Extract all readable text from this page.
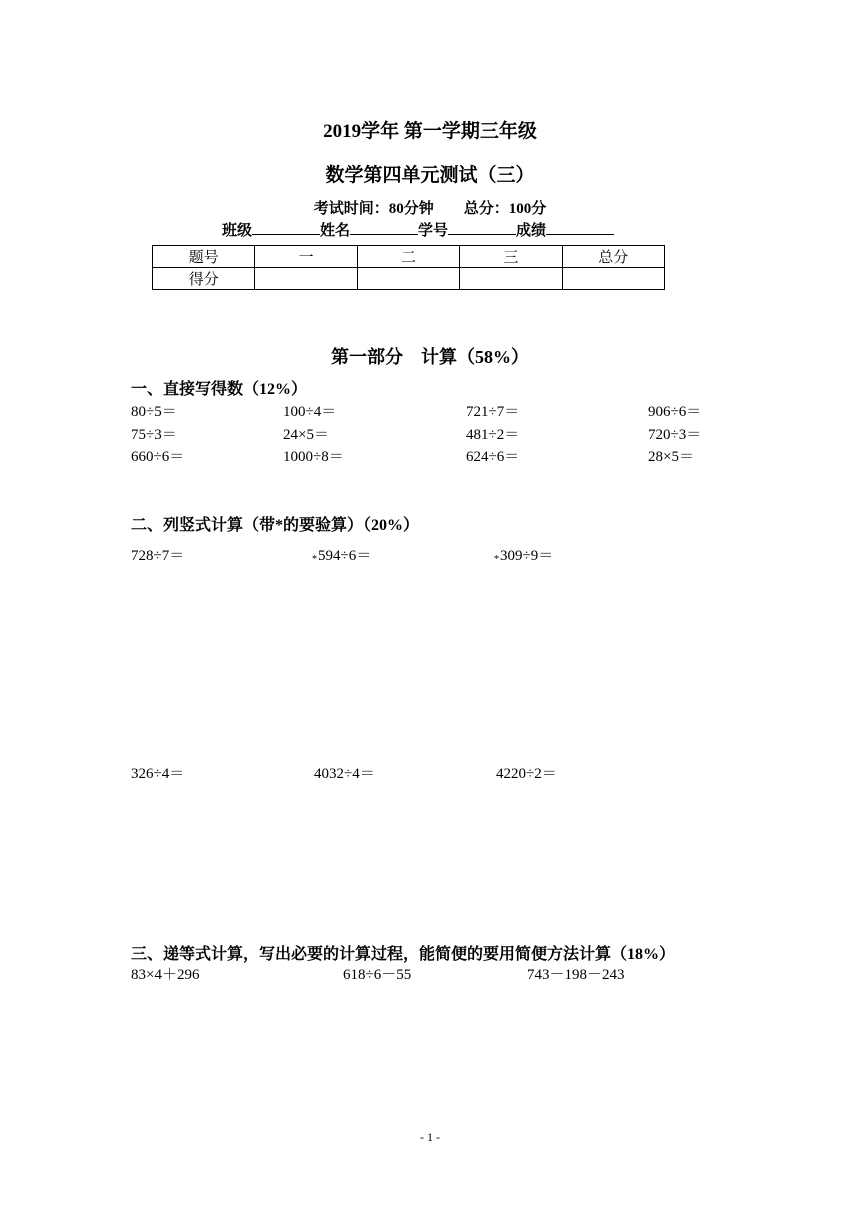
2019学年 第一学期三年级
数学第四单元测试（三）
考试时间：80分钟　　总分：100分
班级	姓名	学号	成绩
题号	一	二	三	总分
得分				
第一部分　计算（58%）
一、直接写得数（12%）
80÷5＝	100÷4＝	721÷7＝	906÷6＝
75÷3＝	24×5＝	481÷2＝	720÷3＝
660÷6＝	1000÷8＝	624÷6＝	28×5＝
二、列竖式计算（带*的要验算）（20%）
728÷7＝	*594÷6＝	*309÷9＝
326÷4＝	4032÷4＝	4220÷2＝
三、递等式计算，写出必要的计算过程，能简便的要用简便方法计算（18%）
83×4＋296	618÷6－55	743－198－243
- 1 -
